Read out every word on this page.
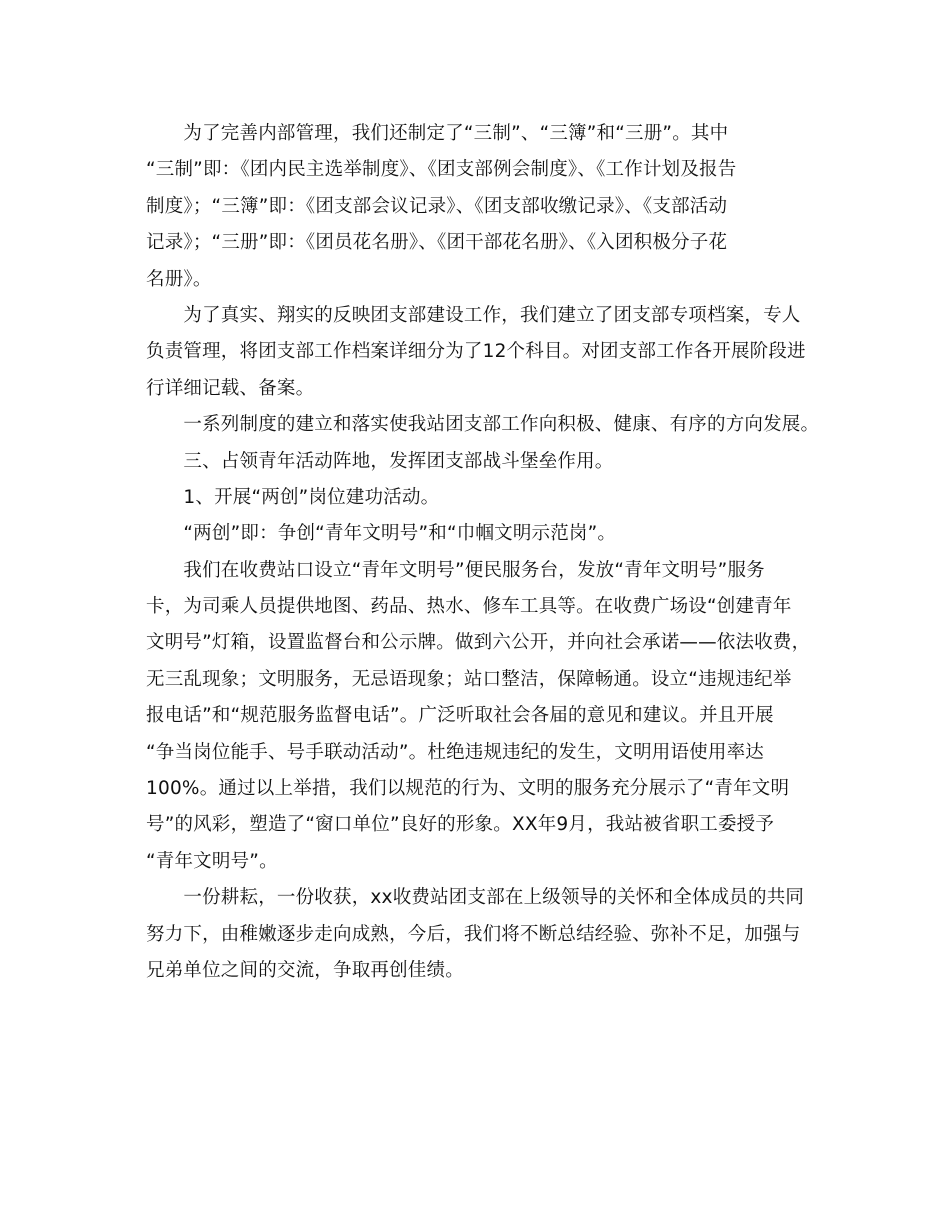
　　为了完善内部管理，我们还制定了“三制”、“三簿”和“三册”。其中
“三制”即：《团内民主选举制度》、《团支部例会制度》、《工作计划及报告
制度》；“三簿”即：《团支部会议记录》、《团支部收缴记录》、《支部活动
记录》；“三册”即：《团员花名册》、《团干部花名册》、《入团积极分子花
名册》。
　　为了真实、翔实的反映团支部建设工作，我们建立了团支部专项档案，专人
负责管理，将团支部工作档案详细分为了12个科目。对团支部工作各开展阶段进
行详细记载、备案。
　　一系列制度的建立和落实使我站团支部工作向积极、健康、有序的方向发展。
　　三、占领青年活动阵地，发挥团支部战斗堡垒作用。
　　1、开展“两创”岗位建功活动。
　　“两创”即：争创“青年文明号”和“巾帼文明示范岗”。
　　我们在收费站口设立“青年文明号”便民服务台，发放“青年文明号”服务
卡，为司乘人员提供地图、药品、热水、修车工具等。在收费广场设“创建青年
文明号”灯箱，设置监督台和公示牌。做到六公开，并向社会承诺——依法收费，
无三乱现象；文明服务，无忌语现象；站口整洁，保障畅通。设立“违规违纪举
报电话”和“规范服务监督电话”。广泛听取社会各届的意见和建议。并且开展
“争当岗位能手、号手联动活动”。杜绝违规违纪的发生，文明用语使用率达
100%。通过以上举措，我们以规范的行为、文明的服务充分展示了“青年文明
号”的风彩，塑造了“窗口单位”良好的形象。XX年9月，我站被省职工委授予
“青年文明号”。
　　一份耕耘，一份收获，xx收费站团支部在上级领导的关怀和全体成员的共同
努力下，由稚嫩逐步走向成熟，今后，我们将不断总结经验、弥补不足，加强与
兄弟单位之间的交流，争取再创佳绩。
